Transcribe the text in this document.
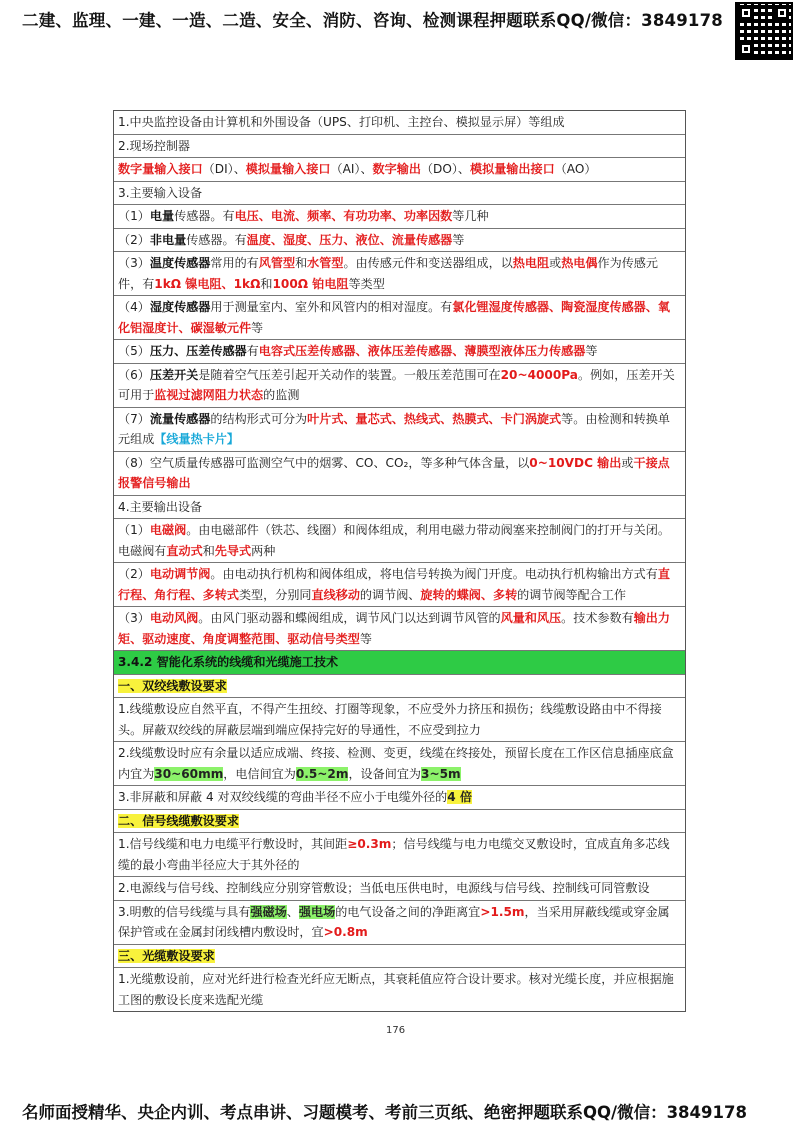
二建、监理、一建、一造、二造、安全、消防、咨询、检测课程押题联系QQ/微信：3849178
1.中央监控设备由计算机和外围设备（UPS、打印机、主控台、模拟显示屏）等组成
2.现场控制器
数字量输入接口（DI）、模拟量输入接口（AI）、数字输出（DO）、模拟量输出接口（AO）
3.主要输入设备
（1）电量传感器。有电压、电流、频率、有功功率、功率因数等几种
（2）非电量传感器。有温度、湿度、压力、液位、流量传感器等
（3）温度传感器常用的有风管型和水管型。由传感元件和变送器组成，以热电阻或热电偶作为传感元件，有1kΩ 镍电阻、1kΩ和100Ω 铂电阻等类型
（4）湿度传感器用于测量室内、室外和风管内的相对湿度。有氯化锂湿度传感器、陶瓷湿度传感器、氧化铝湿度计、碳湿敏元件等
（5）压力、压差传感器有电容式压差传感器、液体压差传感器、薄膜型液体压力传感器等
（6）压差开关是随着空气压差引起开关动作的装置。一般压差范围可在20~4000Pa。例如，压差开关可用于监视过滤网阻力状态的监测
（7）流量传感器的结构形式可分为叶片式、量芯式、热线式、热膜式、卡门涡旋式等。由检测和转换单元组成【线量热卡片】
（8）空气质量传感器可监测空气中的烟雾、CO、CO₂，等多种气体含量，以0~10VDC 输出或干接点报警信号输出
4.主要输出设备
（1）电磁阀。由电磁部件（铁芯、线圈）和阀体组成，利用电磁力带动阀塞来控制阀门的打开与关闭。电磁阀有直动式和先导式两种
（2）电动调节阀。由电动执行机构和阀体组成，将电信号转换为阀门开度。电动执行机构输出方式有直行程、角行程、多转式类型，分别同直线移动的调节阀、旋转的蝶阀、多转的调节阀等配合工作
（3）电动风阀。由风门驱动器和蝶阀组成，调节风门以达到调节风管的风量和风压。技术参数有输出力矩、驱动速度、角度调整范围、驱动信号类型等
3.4.2 智能化系统的线缆和光缆施工技术
一、双绞线敷设要求
1.线缆敷设应自然平直，不得产生扭绞、打圈等现象，不应受外力挤压和损伤；线缆敷设路由中不得接头。屏蔽双绞线的屏蔽层端到端应保持完好的导通性，不应受到拉力
2.线缆敷设时应有余量以适应成端、终接、检测、变更，线缆在终接处，预留长度在工作区信息插座底盒内宜为30~60mm，电信间宜为0.5~2m，设备间宜为3~5m
3.非屏蔽和屏蔽 4 对双绞线缆的弯曲半径不应小于电缆外径的4 倍
二、信号线缆敷设要求
1.信号线缆和电力电缆平行敷设时，其间距≥0.3m；信号线缆与电力电缆交叉敷设时，宜成直角多芯线缆的最小弯曲半径应大于其外径的
2.电源线与信号线、控制线应分别穿管敷设；当低电压供电时，电源线与信号线、控制线可同管敷设
3.明敷的信号线缆与具有强磁场、强电场的电气设备之间的净距离宜>1.5m，当采用屏蔽线缆或穿金属保护管或在金属封闭线槽内敷设时，宜>0.8m
三、光缆敷设要求
1.光缆敷设前，应对光纤进行检查光纤应无断点，其衰耗值应符合设计要求。核对光缆长度，并应根据施工图的敷设长度来选配光缆
176
名师面授精华、央企内训、考点串讲、习题模考、考前三页纸、绝密押题联系QQ/微信：3849178
